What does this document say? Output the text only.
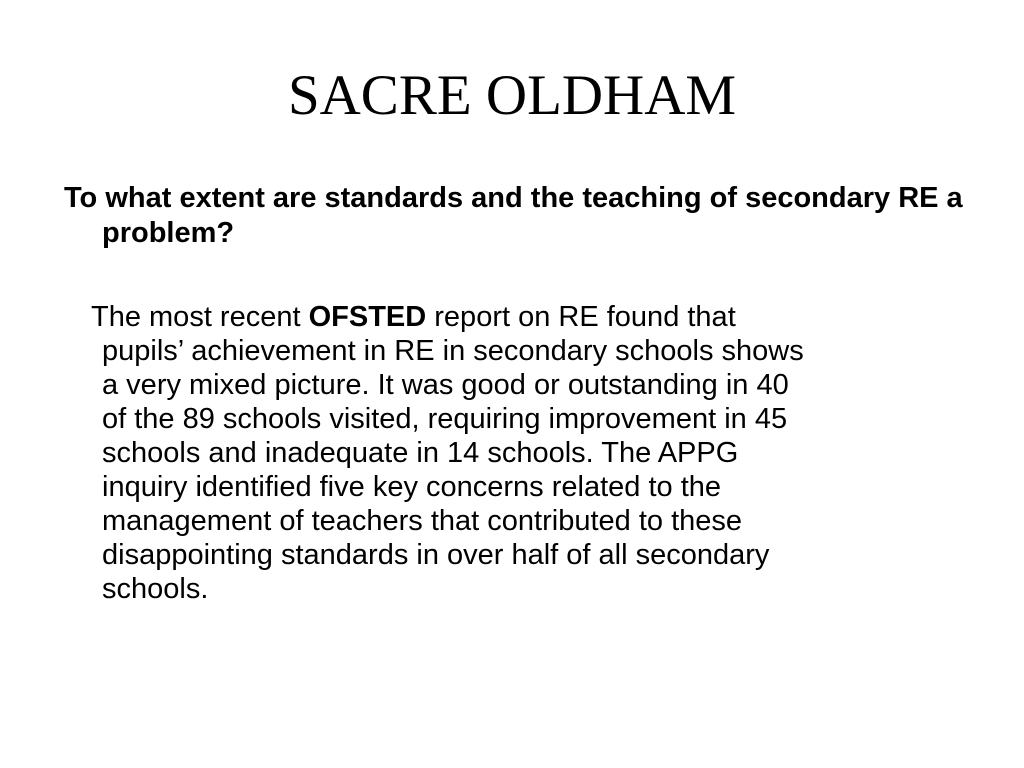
SACRE OLDHAM

To what extent are standards and the teaching of secondary RE a problem?

The most recent OFSTED report on RE found that
pupils’ achievement in RE in secondary schools shows
a very mixed picture. It was good or outstanding in 40
of the 89 schools visited, requiring improvement in 45
schools and inadequate in 14 schools. The APPG
inquiry identified five key concerns related to the
management of teachers that contributed to these
disappointing standards in over half of all secondary
schools.
